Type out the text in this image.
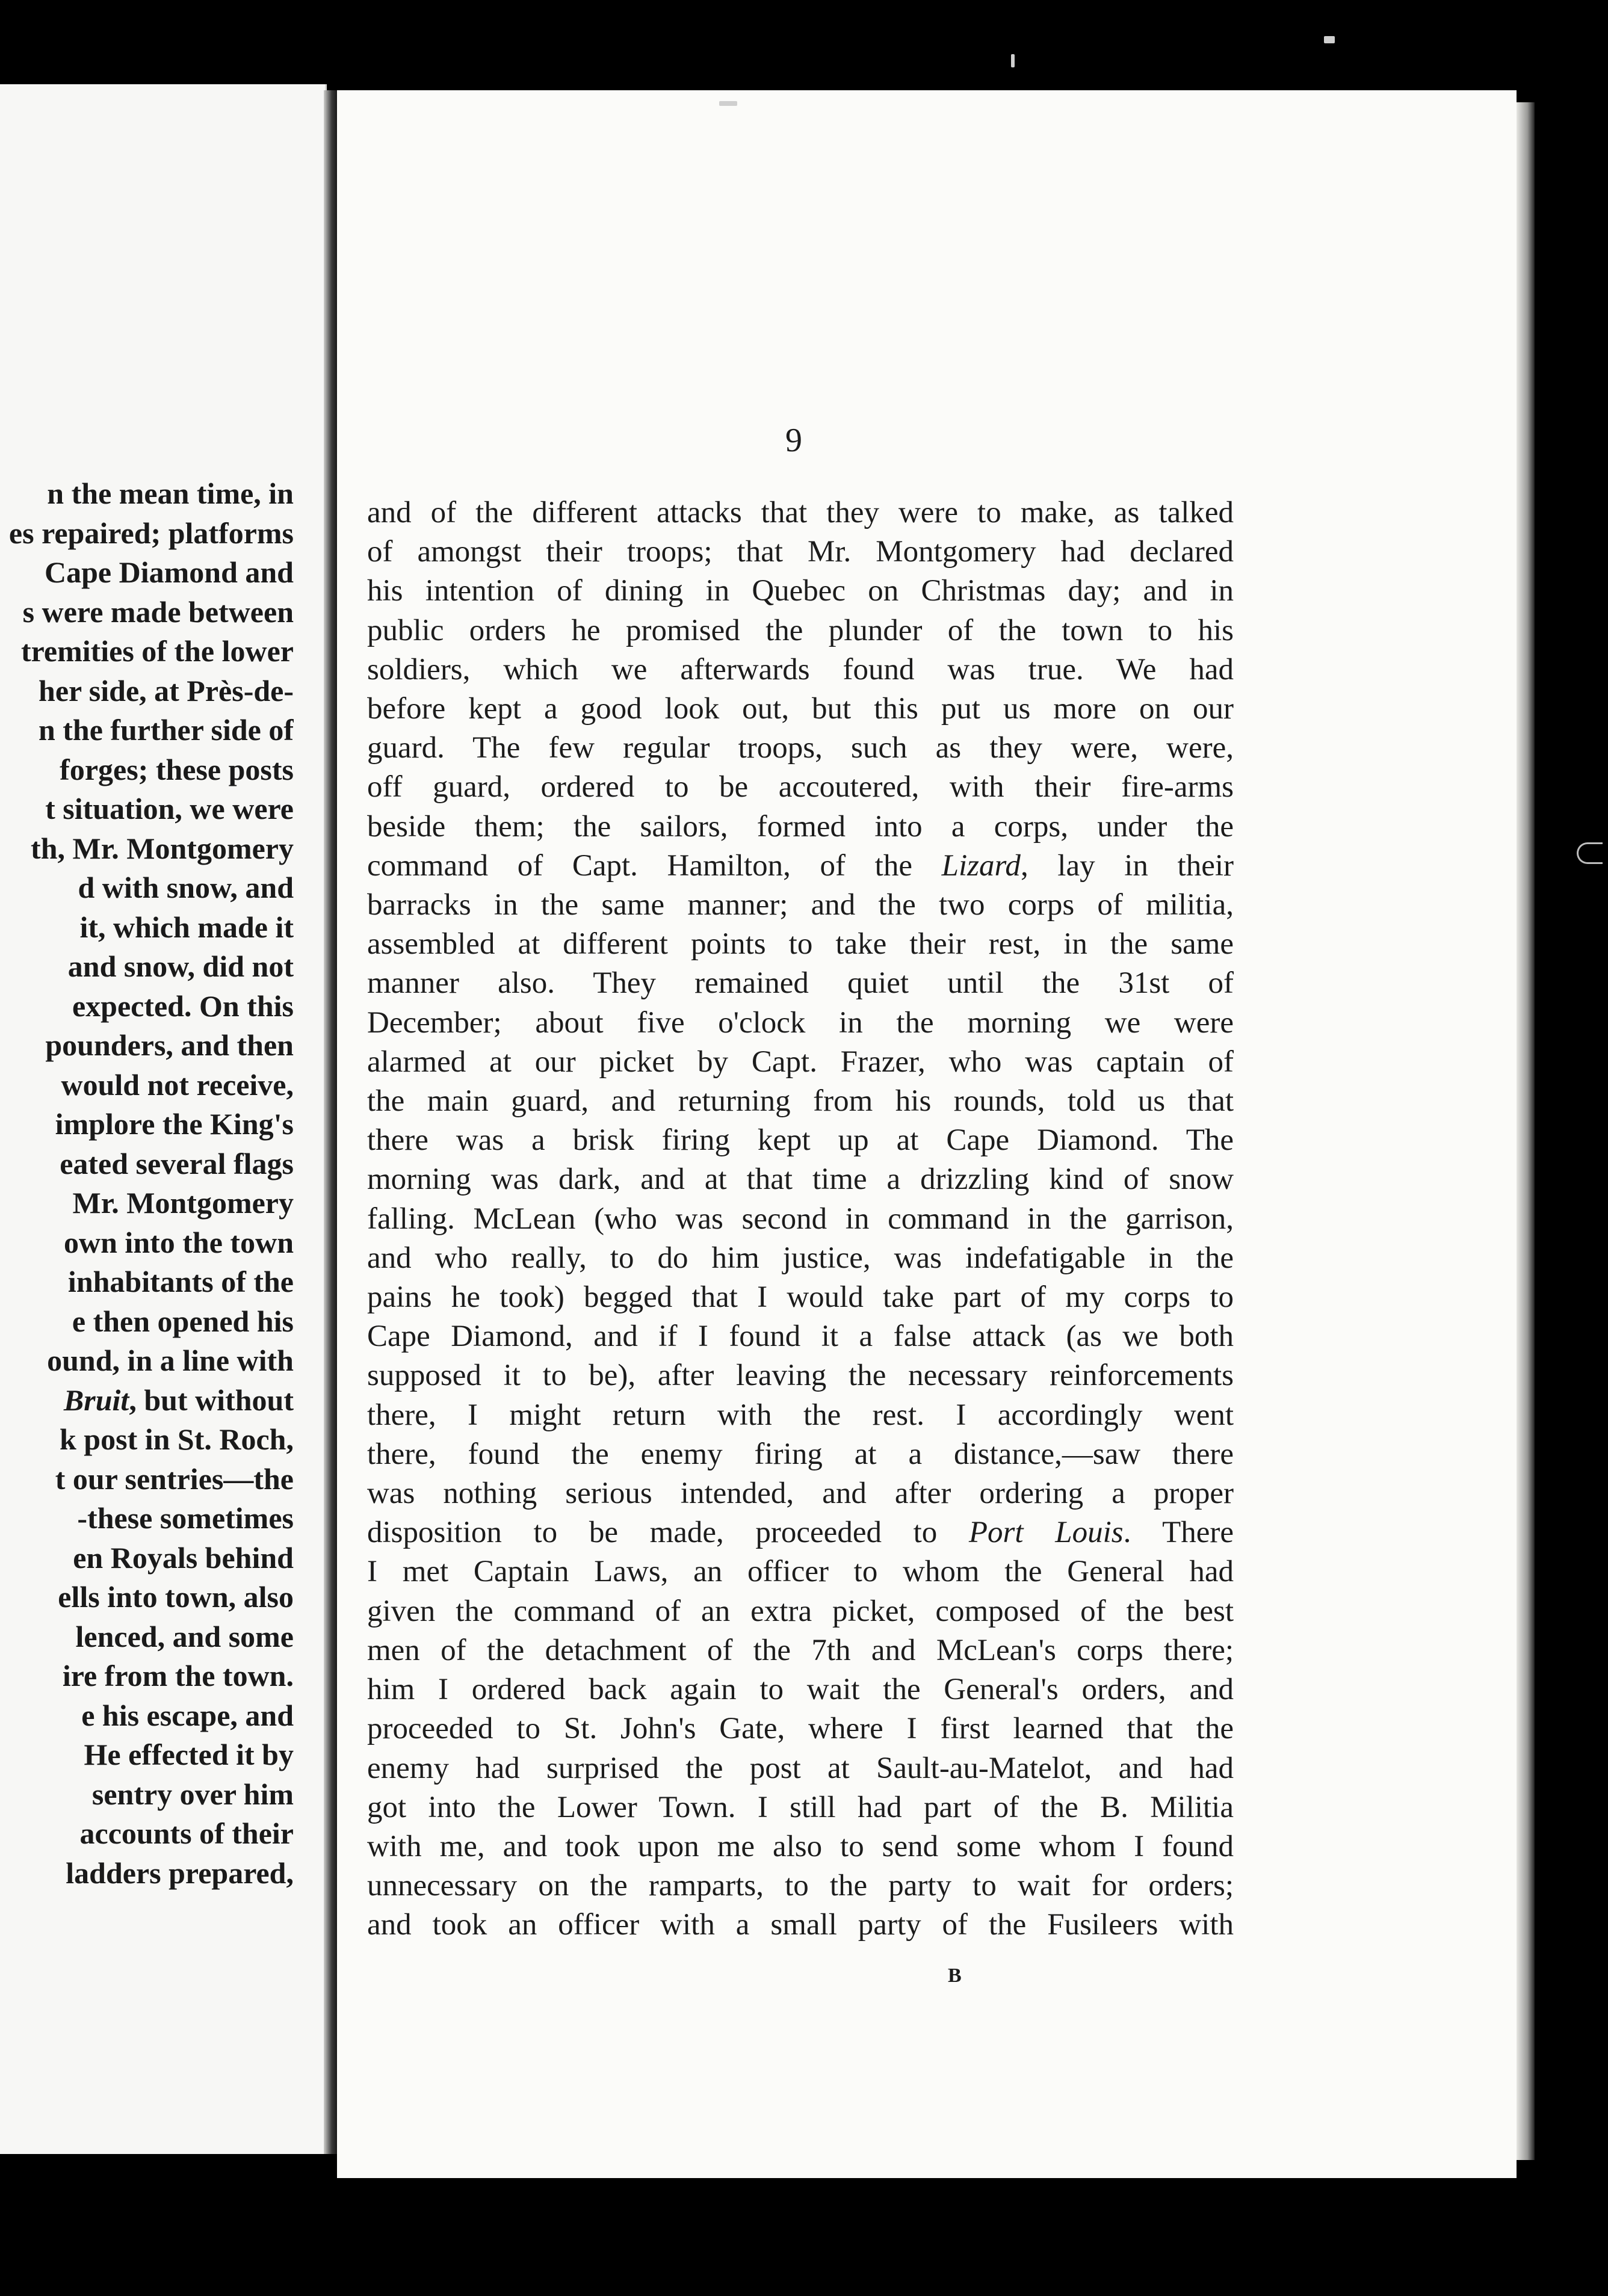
n the mean time, in
es repaired; platforms
Cape Diamond and
s were made between
tremities of the lower
her side, at Près-de-
n the further side of
forges; these posts
t situation, we were
th, Mr. Montgomery
d with snow, and
it, which made it
and snow, did not
expected. On this
pounders, and then
would not receive,
implore the King's
eated several flags
Mr. Montgomery
own into the town
inhabitants of the
e then opened his
ound, in a line with
Bruit, but without
k post in St. Roch,
t our sentries—the
-these sometimes
en Royals behind
ells into town, also
lenced, and some
ire from the town.
e his escape, and
He effected it by
sentry over him
accounts of their
ladders prepared,
9
and of the different attacks that they were to make, as talked
of amongst their troops; that Mr. Montgomery had declared
his intention of dining in Quebec on Christmas day; and in
public orders he promised the plunder of the town to his
soldiers, which we afterwards found was true. We had
before kept a good look out, but this put us more on our
guard. The few regular troops, such as they were, were,
off guard, ordered to be accoutered, with their fire-arms
beside them; the sailors, formed into a corps, under the
command of Capt. Hamilton, of the Lizard, lay in their
barracks in the same manner; and the two corps of militia,
assembled at different points to take their rest, in the same
manner also. They remained quiet until the 31st of
December; about five o'clock in the morning we were
alarmed at our picket by Capt. Frazer, who was captain of
the main guard, and returning from his rounds, told us that
there was a brisk firing kept up at Cape Diamond. The
morning was dark, and at that time a drizzling kind of snow
falling. McLean (who was second in command in the garrison,
and who really, to do him justice, was indefatigable in the
pains he took) begged that I would take part of my corps to
Cape Diamond, and if I found it a false attack (as we both
supposed it to be), after leaving the necessary reinforcements
there, I might return with the rest. I accordingly went
there, found the enemy firing at a distance,—saw there
was nothing serious intended, and after ordering a proper
disposition to be made, proceeded to Port Louis. There
I met Captain Laws, an officer to whom the General had
given the command of an extra picket, composed of the best
men of the detachment of the 7th and McLean's corps there;
him I ordered back again to wait the General's orders, and
proceeded to St. John's Gate, where I first learned that the
enemy had surprised the post at Sault-au-Matelot, and had
got into the Lower Town. I still had part of the B. Militia
with me, and took upon me also to send some whom I found
unnecessary on the ramparts, to the party to wait for orders;
and took an officer with a small party of the Fusileers with
B
